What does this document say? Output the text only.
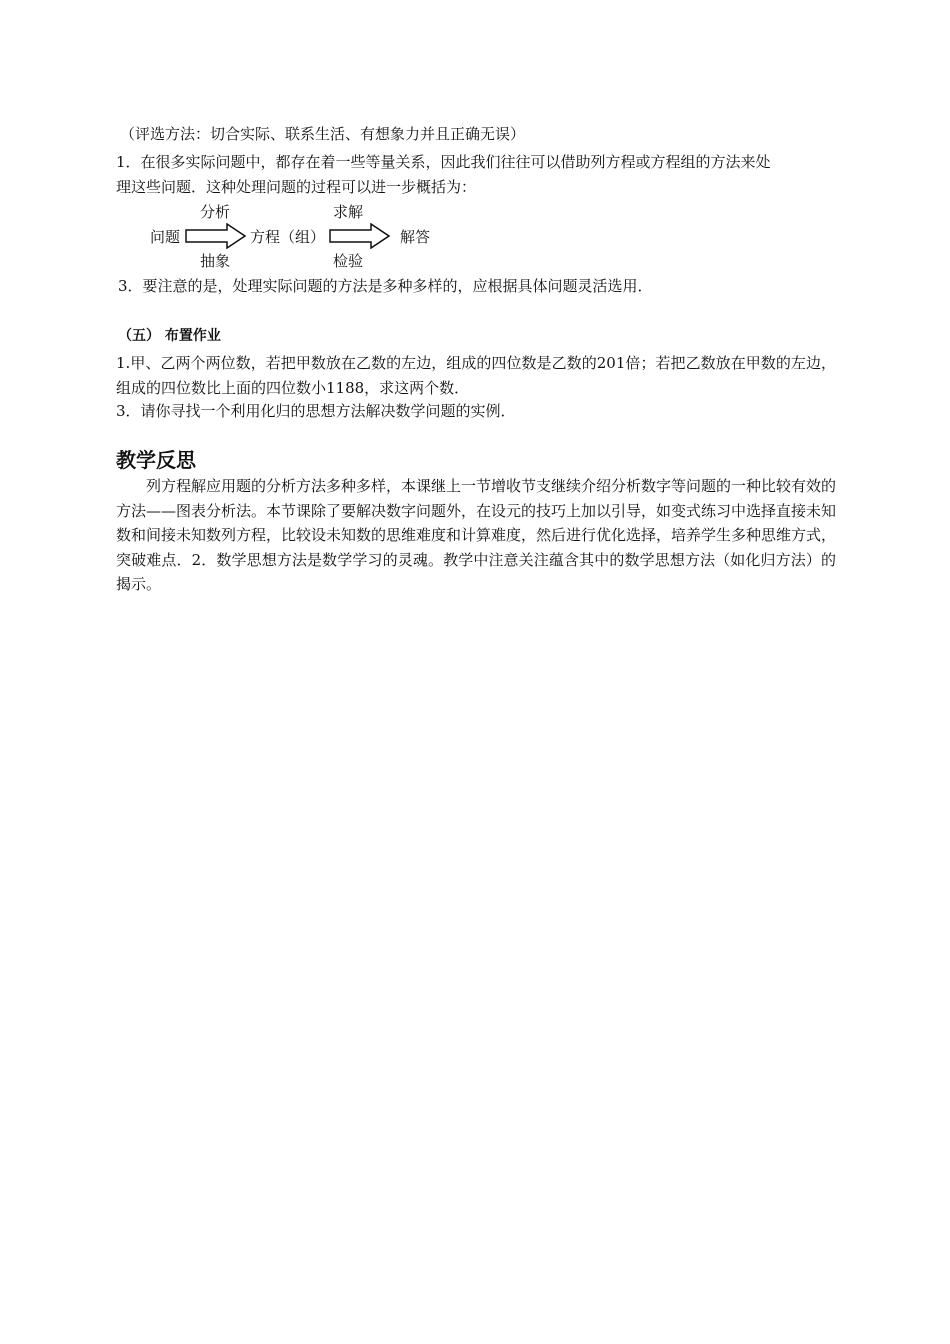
（评选方法：切合实际、联系生活、有想象力并且正确无误）
1．在很多实际问题中，都存在着一些等量关系，因此我们往往可以借助列方程或方程组的方法来处
理这些问题．这种处理问题的过程可以进一步概括为：
分析	求解
问题	方程（组）	解答
抽象	检验
3．要注意的是，处理实际问题的方法是多种多样的，应根据具体问题灵活选用．
（五） 布置作业

1.甲、乙两个两位数，若把甲数放在乙数的左边，组成的四位数是乙数的201倍；若把乙数放在甲数的左边，组成的四位数比上面的四位数小1188，求这两个数．

3．请你寻找一个利用化归的思想方法解决数学问题的实例．
教学反思

列方程解应用题的分析方法多种多样，本课继上一节增收节支继续介绍分析数字等问题的一种比较有效的方法——图表分析法。本节课除了要解决数字问题外，在设元的技巧上加以引导，如变式练习中选择直接未知数和间接未知数列方程，比较设未知数的思维难度和计算难度，然后进行优化选择，培养学生多种思维方式，突破难点．2．数学思想方法是数学学习的灵魂。教学中注意关注蕴含其中的数学思想方法（如化归方法）的揭示。
